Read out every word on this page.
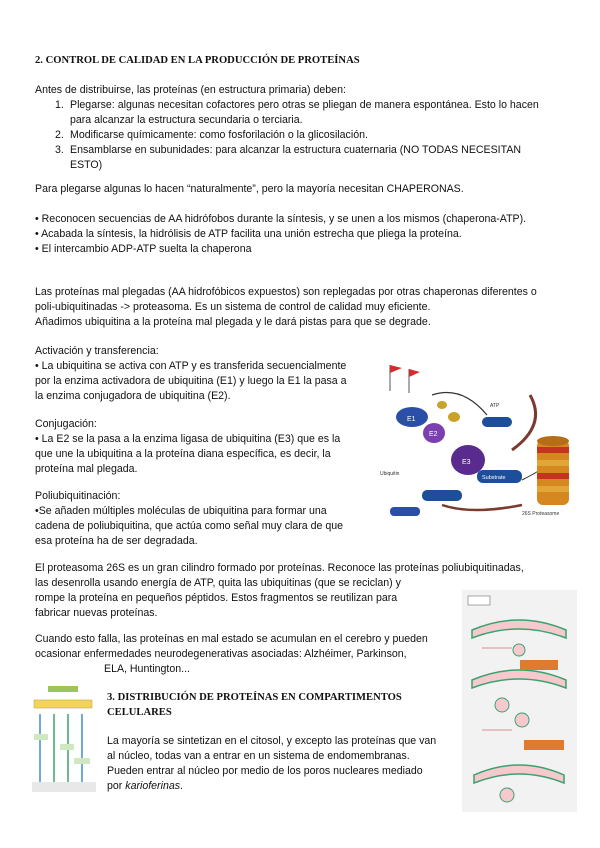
2. CONTROL DE CALIDAD EN LA PRODUCCIÓN DE PROTEÍNAS
Antes de distribuirse, las proteínas (en estructura primaria) deben:
1. Plegarse: algunas necesitan cofactores pero otras se pliegan de manera espontánea. Esto lo hacen
para alcanzar la estructura secundaria o terciaria.
2. Modificarse químicamente: como fosforilación o la glicosilación.
3. Ensamblarse en subunidades: para alcanzar la estructura cuaternaria (NO TODAS NECESITAN
ESTO)
Para plegarse algunas lo hacen “naturalmente”, pero la mayoría necesitan CHAPERONAS.
• Reconocen secuencias de AA hidrófobos durante la síntesis, y se unen a los mismos (chaperona-ATP).
• Acabada la síntesis, la hidrólisis de ATP facilita una unión estrecha que pliega la proteína.
• El intercambio ADP-ATP suelta la chaperona
Las proteínas mal plegadas (AA hidrofóbicos expuestos) son replegadas por otras chaperonas diferentes o
poli-ubiquitinadas -> proteasoma. Es un sistema de control de calidad muy eficiente.
Añadimos ubiquitina a la proteína mal plegada y le dará pistas para que se degrade.
Activación y transferencia:
• La ubiquitina se activa con ATP y es transferida secuencialmente
por la enzima activadora de ubiquitina (E1) y luego la E1 la pasa a
la enzima conjugadora de ubiquitina (E2).
Conjugación:
• La E2 se la pasa a la enzima ligasa de ubiquitina (E3) que es la
que une la ubiquitina a la proteína diana específica, es decir, la
proteína mal plegada.
Poliubiquitinación:
•Se añaden múltiples moléculas de ubiquitina para formar una
cadena de poliubiquitina, que actúa como señal muy clara de que
esa proteína ha de ser degradada.
El proteasoma 26S es un gran cilindro formado por proteínas. Reconoce las proteínas poliubiquitinadas,
las desenrolla usando energía de ATP, quita las ubiquitinas (que se reciclan) y
rompe la proteína en pequeños péptidos. Estos fragmentos se reutilizan para
fabricar nuevas proteínas.
Cuando esto falla, las proteínas en mal estado se acumulan en el cerebro y pueden
ocasionar enfermedades neurodegenerativas asociadas: Alzhéimer, Parkinson,
ELA, Huntington...
3. DISTRIBUCIÓN DE PROTEÍNAS EN COMPARTIMENTOS
CELULARES
La mayoría se sintetizan en el citosol, y excepto las proteínas que van
al núcleo, todas van a entrar en un sistema de endomembranas.
Pueden entrar al núcleo por medio de los poros nucleares mediado
por karioferinas.
E1
E2
E3
Substrate
ATP
26S Proteasome
Ubiquitin
